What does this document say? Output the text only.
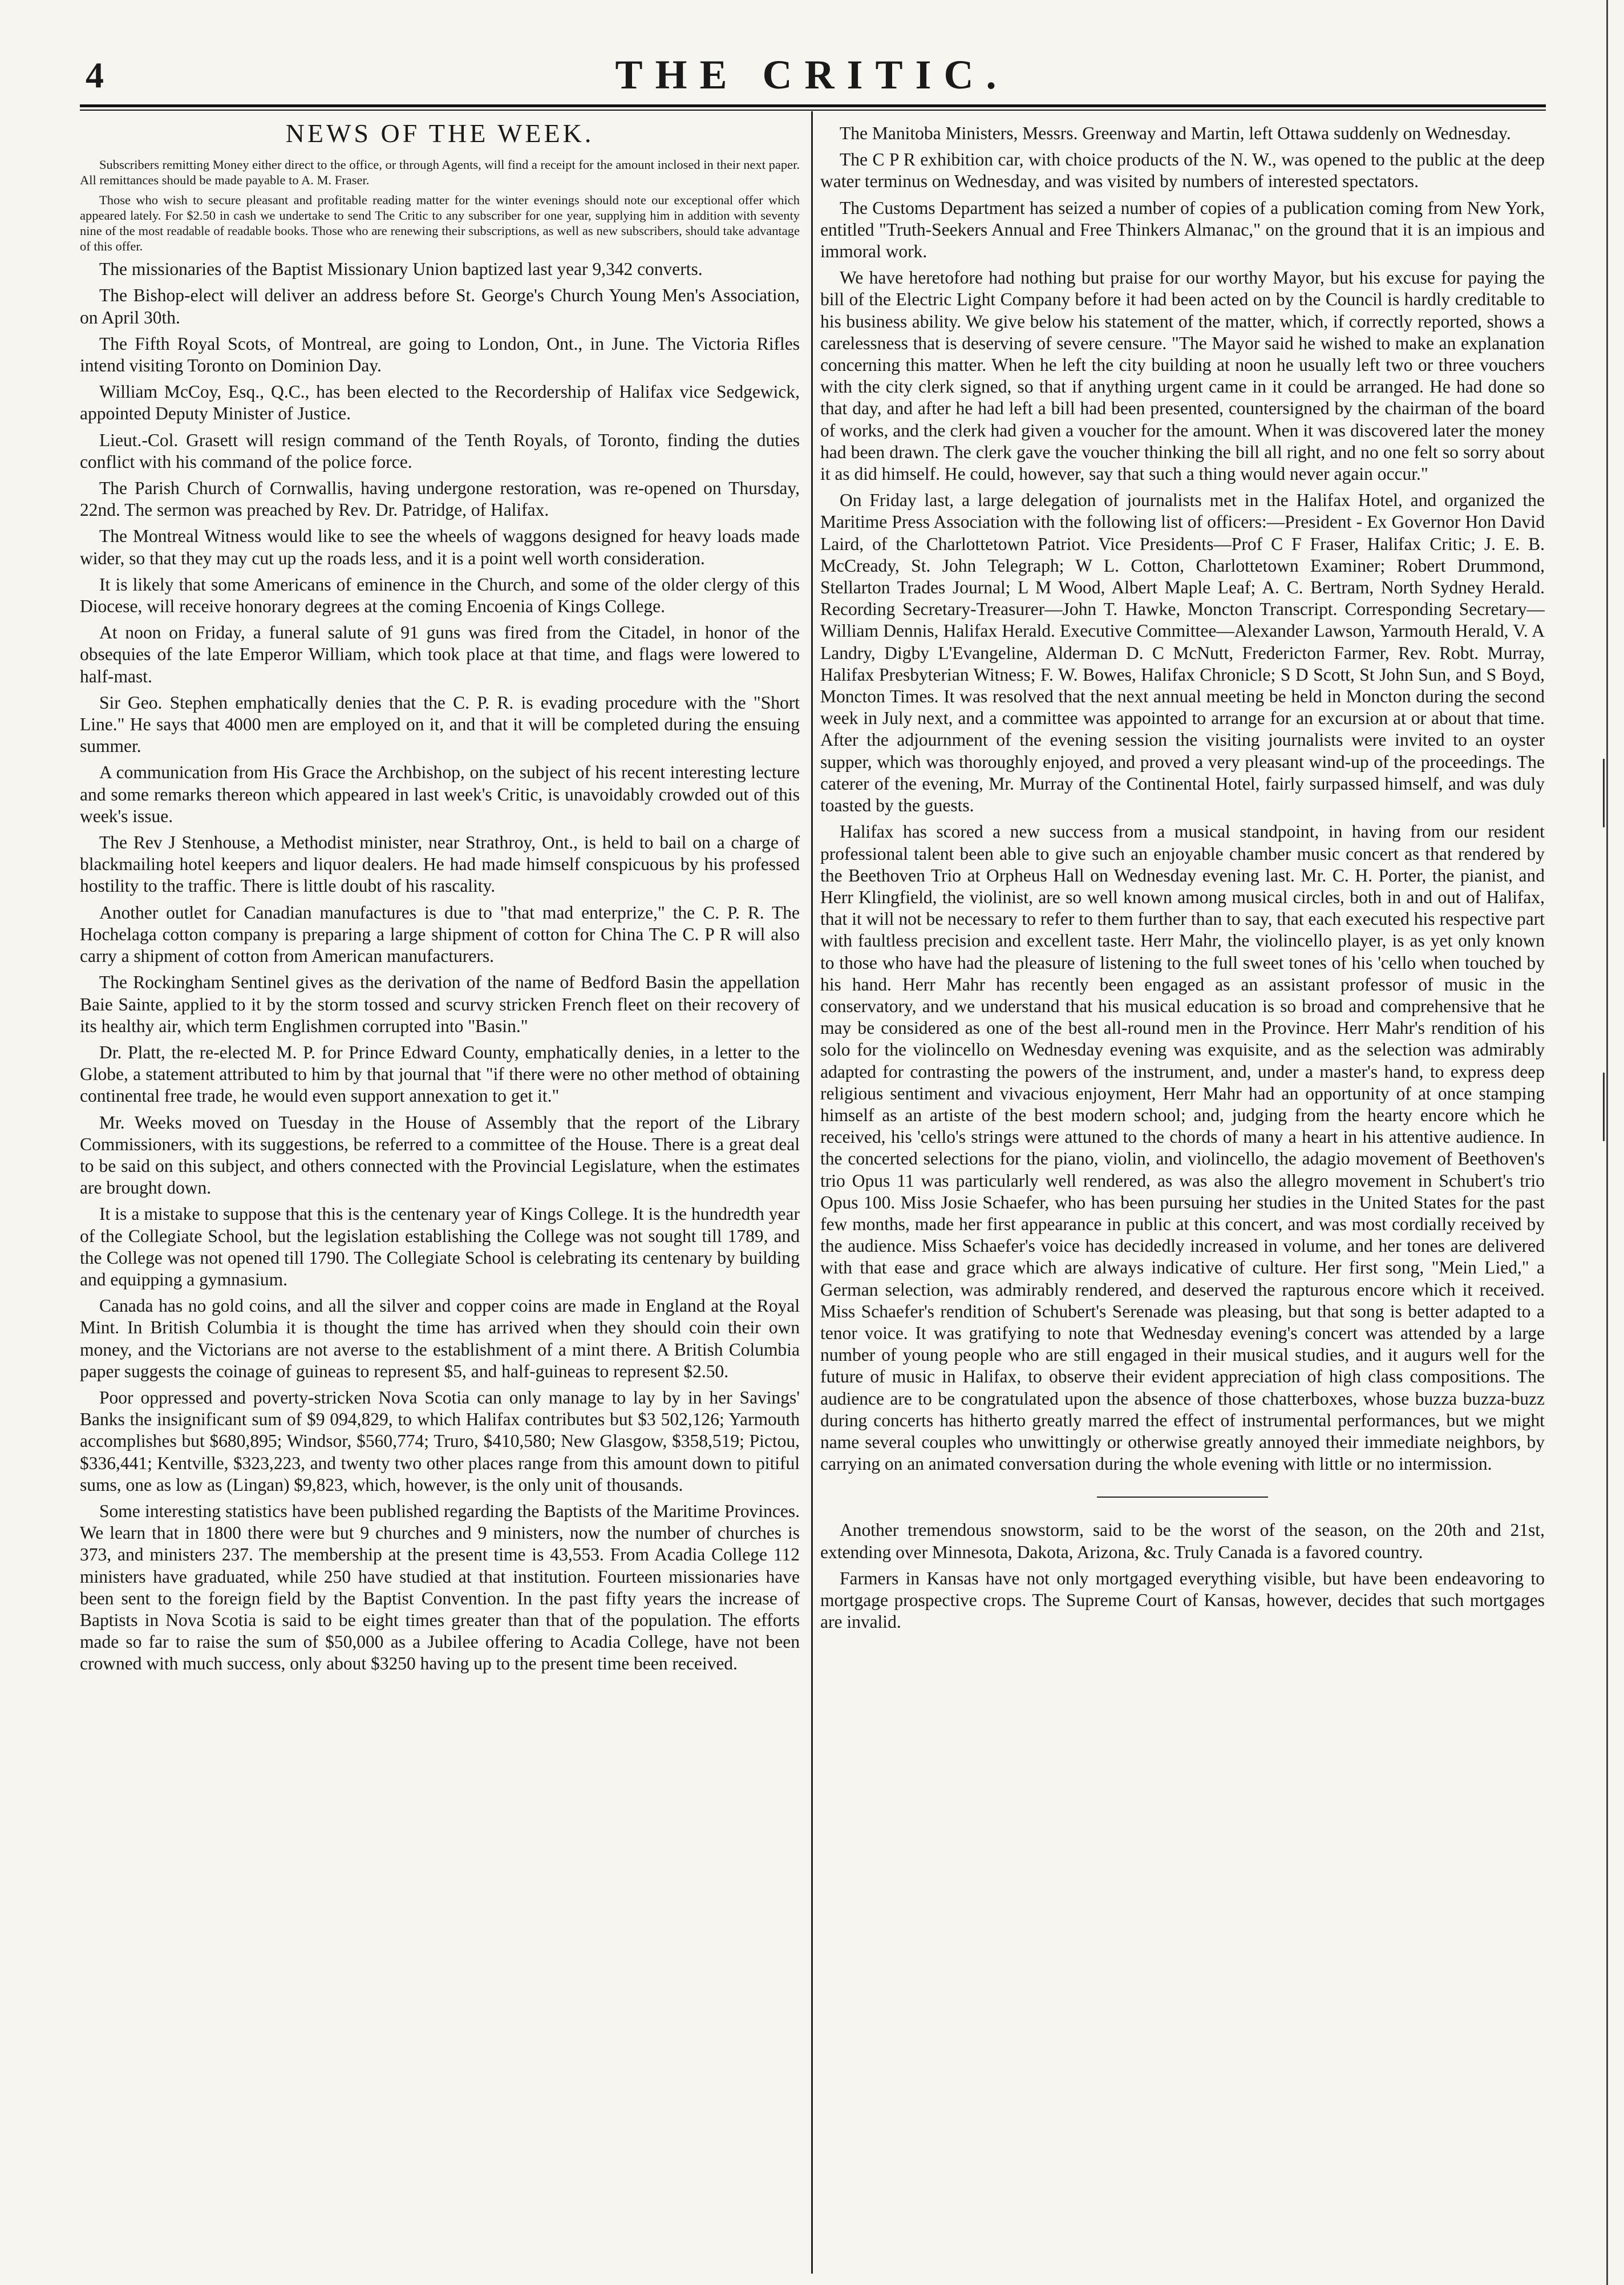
4	THE CRITIC.
NEWS OF THE WEEK.

Subscribers remitting Money either direct to the office, or through Agents, will find a receipt for the amount inclosed in their next paper. All remittances should be made payable to A. M. Fraser.

Those who wish to secure pleasant and profitable reading matter for the winter evenings should note our exceptional offer which appeared lately. For $2.50 in cash we undertake to send The Critic to any subscriber for one year, supplying him in addition with seventy nine of the most readable of readable books. Those who are renewing their subscriptions, as well as new subscribers, should take advantage of this offer.

The missionaries of the Baptist Missionary Union baptized last year 9,342 converts.

The Bishop-elect will deliver an address before St. George's Church Young Men's Association, on April 30th.

The Fifth Royal Scots, of Montreal, are going to London, Ont., in June. The Victoria Rifles intend visiting Toronto on Dominion Day.

William McCoy, Esq., Q.C., has been elected to the Recordership of Halifax vice Sedgewick, appointed Deputy Minister of Justice.

Lieut.-Col. Grasett will resign command of the Tenth Royals, of Toronto, finding the duties conflict with his command of the police force.

The Parish Church of Cornwallis, having undergone restoration, was re-opened on Thursday, 22nd. The sermon was preached by Rev. Dr. Patridge, of Halifax.

The Montreal Witness would like to see the wheels of waggons designed for heavy loads made wider, so that they may cut up the roads less, and it is a point well worth consideration.

It is likely that some Americans of eminence in the Church, and some of the older clergy of this Diocese, will receive honorary degrees at the coming Encoenia of Kings College.

At noon on Friday, a funeral salute of 91 guns was fired from the Citadel, in honor of the obsequies of the late Emperor William, which took place at that time, and flags were lowered to half-mast.

Sir Geo. Stephen emphatically denies that the C. P. R. is evading procedure with the "Short Line." He says that 4000 men are employed on it, and that it will be completed during the ensuing summer.

A communication from His Grace the Archbishop, on the subject of his recent interesting lecture and some remarks thereon which appeared in last week's Critic, is unavoidably crowded out of this week's issue.

The Rev J Stenhouse, a Methodist minister, near Strathroy, Ont., is held to bail on a charge of blackmailing hotel keepers and liquor dealers. He had made himself conspicuous by his professed hostility to the traffic. There is little doubt of his rascality.

Another outlet for Canadian manufactures is due to "that mad enterprize," the C. P. R. The Hochelaga cotton company is preparing a large shipment of cotton for China The C. P R will also carry a shipment of cotton from American manufacturers.

The Rockingham Sentinel gives as the derivation of the name of Bedford Basin the appellation Baie Sainte, applied to it by the storm tossed and scurvy stricken French fleet on their recovery of its healthy air, which term Englishmen corrupted into "Basin."

Dr. Platt, the re-elected M. P. for Prince Edward County, emphatically denies, in a letter to the Globe, a statement attributed to him by that journal that "if there were no other method of obtaining continental free trade, he would even support annexation to get it."

Mr. Weeks moved on Tuesday in the House of Assembly that the report of the Library Commissioners, with its suggestions, be referred to a committee of the House. There is a great deal to be said on this subject, and others connected with the Provincial Legislature, when the estimates are brought down.

It is a mistake to suppose that this is the centenary year of Kings College. It is the hundredth year of the Collegiate School, but the legislation establishing the College was not sought till 1789, and the College was not opened till 1790. The Collegiate School is celebrating its centenary by building and equipping a gymnasium.

Canada has no gold coins, and all the silver and copper coins are made in England at the Royal Mint. In British Columbia it is thought the time has arrived when they should coin their own money, and the Victorians are not averse to the establishment of a mint there. A British Columbia paper suggests the coinage of guineas to represent $5, and half-guineas to represent $2.50.

Poor oppressed and poverty-stricken Nova Scotia can only manage to lay by in her Savings' Banks the insignificant sum of $9 094,829, to which Halifax contributes but $3 502,126; Yarmouth accomplishes but $680,895; Windsor, $560,774; Truro, $410,580; New Glasgow, $358,519; Pictou, $336,441; Kentville, $323,223, and twenty two other places range from this amount down to pitiful sums, one as low as (Lingan) $9,823, which, however, is the only unit of thousands.

Some interesting statistics have been published regarding the Baptists of the Maritime Provinces. We learn that in 1800 there were but 9 churches and 9 ministers, now the number of churches is 373, and ministers 237. The membership at the present time is 43,553. From Acadia College 112 ministers have graduated, while 250 have studied at that institution. Fourteen missionaries have been sent to the foreign field by the Baptist Convention. In the past fifty years the increase of Baptists in Nova Scotia is said to be eight times greater than that of the population. The efforts made so far to raise the sum of $50,000 as a Jubilee offering to Acadia College, have not been crowned with much success, only about $3250 having up to the present time been received.

The Manitoba Ministers, Messrs. Greenway and Martin, left Ottawa suddenly on Wednesday.

The C P R exhibition car, with choice products of the N. W., was opened to the public at the deep water terminus on Wednesday, and was visited by numbers of interested spectators.

The Customs Department has seized a number of copies of a publication coming from New York, entitled "Truth-Seekers Annual and Free Thinkers Almanac," on the ground that it is an impious and immoral work.

We have heretofore had nothing but praise for our worthy Mayor, but his excuse for paying the bill of the Electric Light Company before it had been acted on by the Council is hardly creditable to his business ability. We give below his statement of the matter, which, if correctly reported, shows a carelessness that is deserving of severe censure. "The Mayor said he wished to make an explanation concerning this matter. When he left the city building at noon he usually left two or three vouchers with the city clerk signed, so that if anything urgent came in it could be arranged. He had done so that day, and after he had left a bill had been presented, countersigned by the chairman of the board of works, and the clerk had given a voucher for the amount. When it was discovered later the money had been drawn. The clerk gave the voucher thinking the bill all right, and no one felt so sorry about it as did himself. He could, however, say that such a thing would never again occur."

On Friday last, a large delegation of journalists met in the Halifax Hotel, and organized the Maritime Press Association with the following list of officers:—President - Ex Governor Hon David Laird, of the Charlottetown Patriot. Vice Presidents—Prof C F Fraser, Halifax Critic; J. E. B. McCready, St. John Telegraph; W L. Cotton, Charlottetown Examiner; Robert Drummond, Stellarton Trades Journal; L M Wood, Albert Maple Leaf; A. C. Bertram, North Sydney Herald. Recording Secretary-Treasurer—John T. Hawke, Moncton Transcript. Corresponding Secretary—William Dennis, Halifax Herald. Executive Committee—Alexander Lawson, Yarmouth Herald, V. A Landry, Digby L'Evangeline, Alderman D. C McNutt, Fredericton Farmer, Rev. Robt. Murray, Halifax Presbyterian Witness; F. W. Bowes, Halifax Chronicle; S D Scott, St John Sun, and S Boyd, Moncton Times. It was resolved that the next annual meeting be held in Moncton during the second week in July next, and a committee was appointed to arrange for an excursion at or about that time. After the adjournment of the evening session the visiting journalists were invited to an oyster supper, which was thoroughly enjoyed, and proved a very pleasant wind-up of the proceedings. The caterer of the evening, Mr. Murray of the Continental Hotel, fairly surpassed himself, and was duly toasted by the guests.

Halifax has scored a new success from a musical standpoint, in having from our resident professional talent been able to give such an enjoyable chamber music concert as that rendered by the Beethoven Trio at Orpheus Hall on Wednesday evening last. Mr. C. H. Porter, the pianist, and Herr Klingfield, the violinist, are so well known among musical circles, both in and out of Halifax, that it will not be necessary to refer to them further than to say, that each executed his respective part with faultless precision and excellent taste. Herr Mahr, the violincello player, is as yet only known to those who have had the pleasure of listening to the full sweet tones of his 'cello when touched by his hand. Herr Mahr has recently been engaged as an assistant professor of music in the conservatory, and we understand that his musical education is so broad and comprehensive that he may be considered as one of the best all-round men in the Province. Herr Mahr's rendition of his solo for the violincello on Wednesday evening was exquisite, and as the selection was admirably adapted for contrasting the powers of the instrument, and, under a master's hand, to express deep religious sentiment and vivacious enjoyment, Herr Mahr had an opportunity of at once stamping himself as an artiste of the best modern school; and, judging from the hearty encore which he received, his 'cello's strings were attuned to the chords of many a heart in his attentive audience. In the concerted selections for the piano, violin, and violincello, the adagio movement of Beethoven's trio Opus 11 was particularly well rendered, as was also the allegro movement in Schubert's trio Opus 100. Miss Josie Schaefer, who has been pursuing her studies in the United States for the past few months, made her first appearance in public at this concert, and was most cordially received by the audience. Miss Schaefer's voice has decidedly increased in volume, and her tones are delivered with that ease and grace which are always indicative of culture. Her first song, "Mein Lied," a German selection, was admirably rendered, and deserved the rapturous encore which it received. Miss Schaefer's rendition of Schubert's Serenade was pleasing, but that song is better adapted to a tenor voice. It was gratifying to note that Wednesday evening's concert was attended by a large number of young people who are still engaged in their musical studies, and it augurs well for the future of music in Halifax, to observe their evident appreciation of high class compositions. The audience are to be congratulated upon the absence of those chatterboxes, whose buzza buzza-buzz during concerts has hitherto greatly marred the effect of instrumental performances, but we might name several couples who unwittingly or otherwise greatly annoyed their immediate neighbors, by carrying on an animated conversation during the whole evening with little or no intermission.

Another tremendous snowstorm, said to be the worst of the season, on the 20th and 21st, extending over Minnesota, Dakota, Arizona, &c. Truly Canada is a favored country.

Farmers in Kansas have not only mortgaged everything visible, but have been endeavoring to mortgage prospective crops. The Supreme Court of Kansas, however, decides that such mortgages are invalid.
